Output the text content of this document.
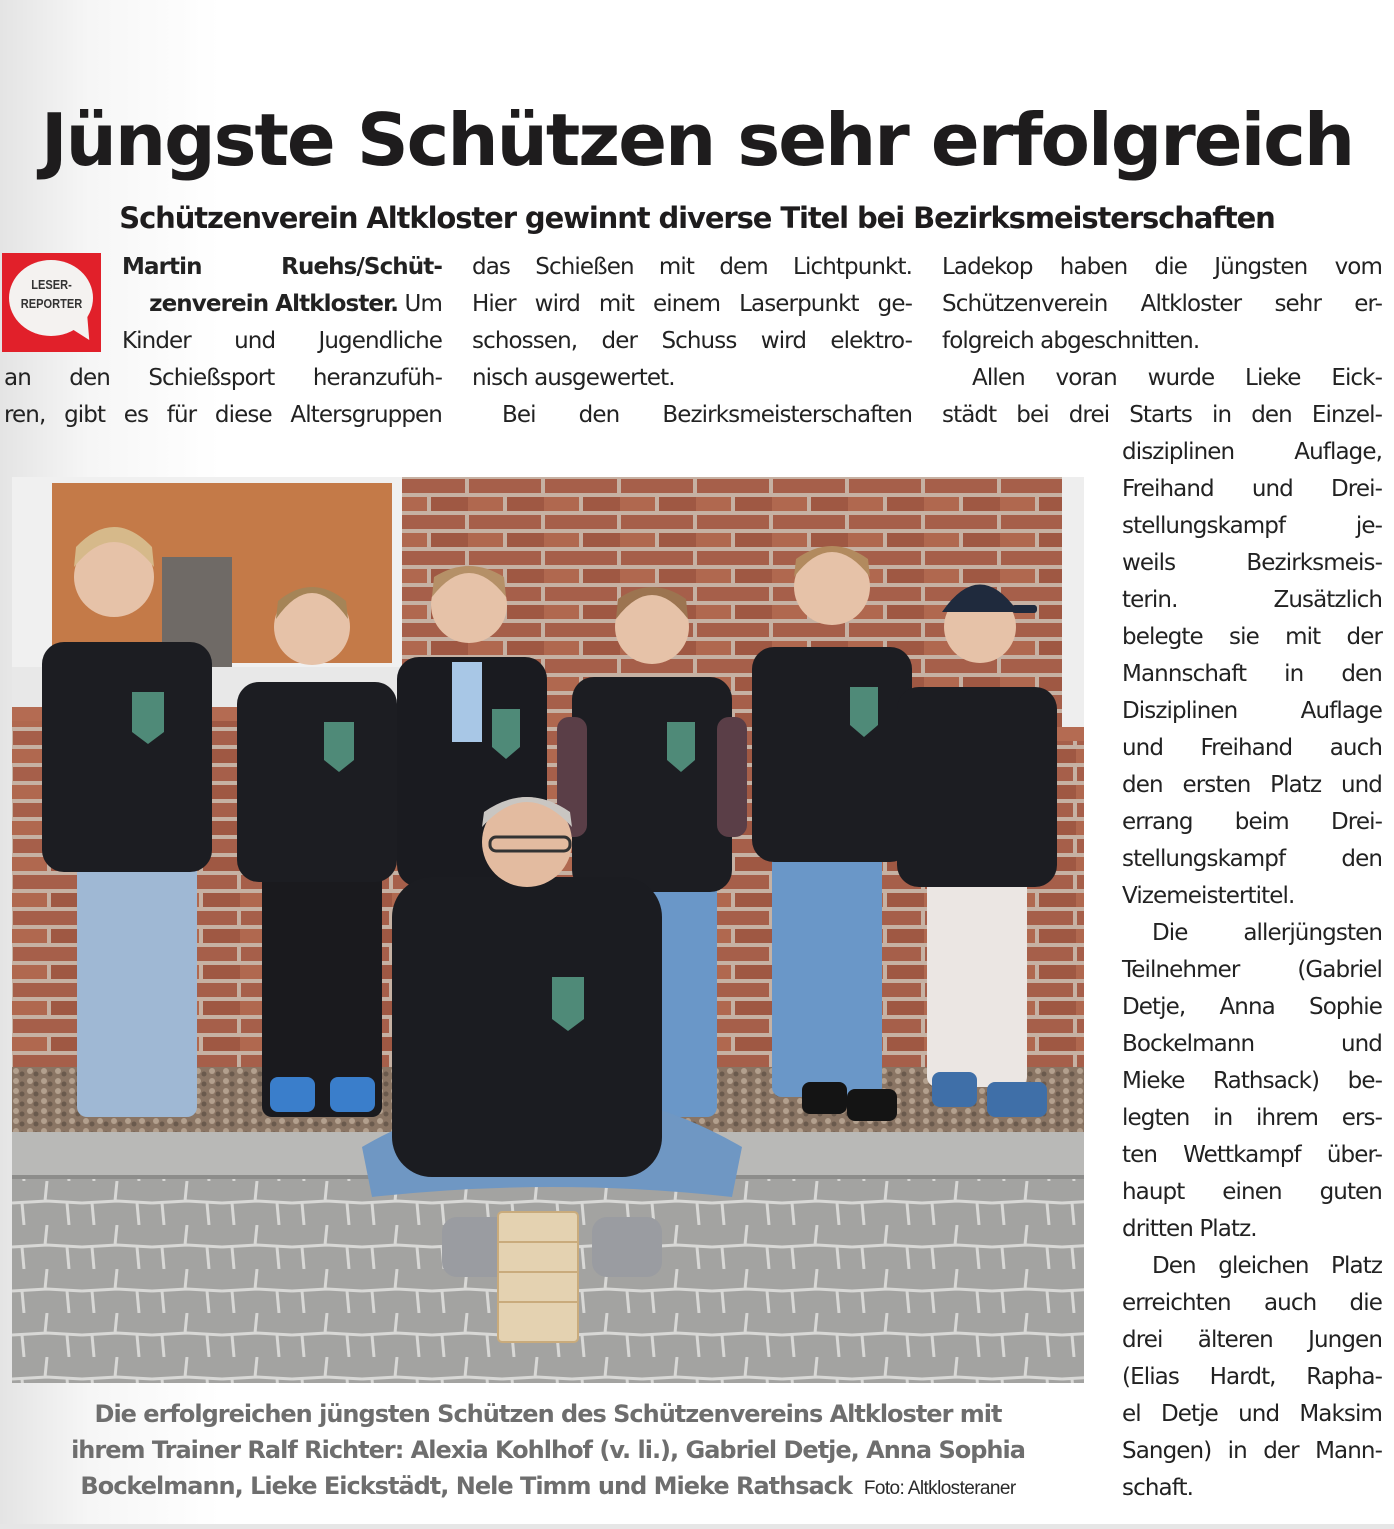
Jüngste Schützen sehr erfolgreich
Schützenverein Altkloster gewinnt diverse Titel bei Bezirksmeisterschaften
LESER-
REPORTER
Martin Ruehs/Schüt-
zenverein Altkloster. Um
Kinder und Jugendliche
an den Schießsport heranzufüh-
ren, gibt es für diese Altersgruppen
das Schießen mit dem Lichtpunkt.
Hier wird mit einem Laserpunkt ge-
schossen, der Schuss wird elektro-
nisch ausgewertet.
Bei den Bezirksmeisterschaften
Ladekop haben die Jüngsten vom
Schützenverein Altkloster sehr er-
folgreich abgeschnitten.
Allen voran wurde Lieke Eick-
städt bei drei Starts in den Einzel-
disziplinen Auflage,
Freihand und Drei-
stellungskampf je-
weils Bezirksmeis-
terin. Zusätzlich
belegte sie mit der
Mannschaft in den
Disziplinen Auflage
und Freihand auch
den ersten Platz und
errang beim Drei-
stellungskampf den
Vizemeistertitel.
Die allerjüngsten
Teilnehmer (Gabriel
Detje, Anna Sophie
Bockelmann und
Mieke Rathsack) be-
legten in ihrem ers-
ten Wettkampf über-
haupt einen guten
dritten Platz.
Den gleichen Platz
erreichten auch die
drei älteren Jungen
(Elias Hardt, Rapha-
el Detje und Maksim
Sangen) in der Mann-
schaft.
Die erfolgreichen jüngsten Schützen des Schützenvereins Altkloster mit
ihrem Trainer Ralf Richter: Alexia Kohlhof (v. li.), Gabriel Detje, Anna Sophia
Bockelmann, Lieke Eickstädt, Nele Timm und Mieke Rathsack Foto: Altklosteraner
